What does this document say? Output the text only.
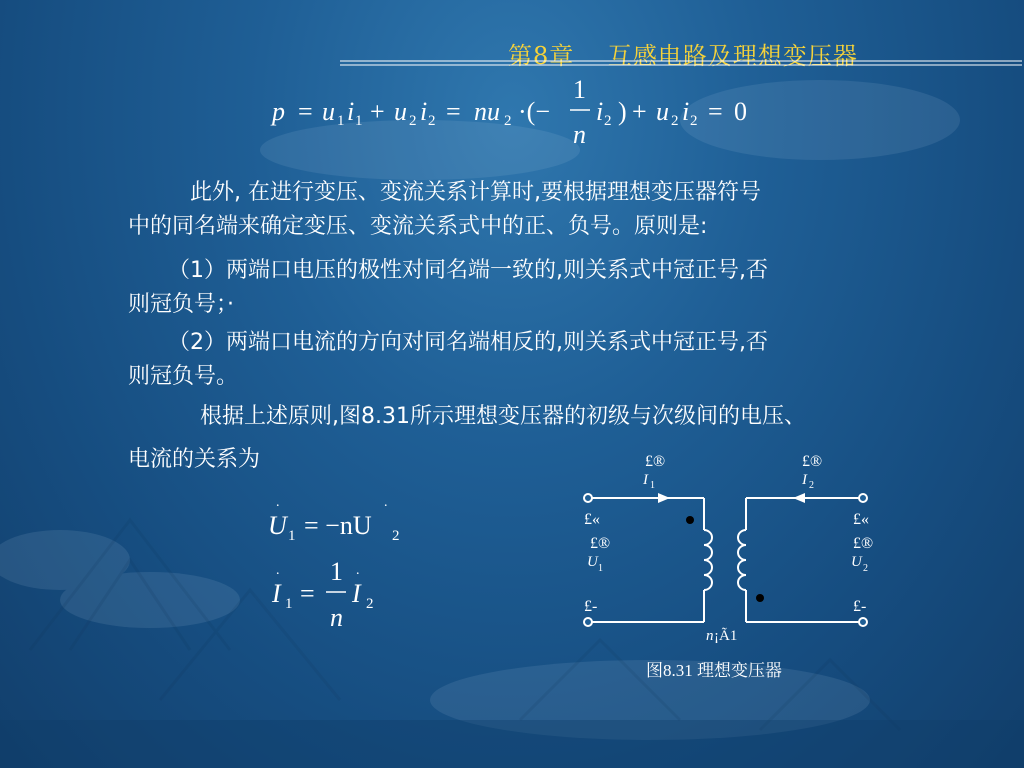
第8章　 互感电路及理想变压器
p = u 1 i 1 + u 2 i 2 = nu 2 ·(−
1
n
i 2 ) + u 2 i 2 = 0
此外, 在进行变压、变流关系计算时,要根据理想变压器符号
中的同名端来确定变压、变流关系式中的正、负号。原则是:
（1）两端口电压的极性对同名端一致的,则关系式中冠正号,否
则冠负号；·
（2）两端口电流的方向对同名端相反的,则关系式中冠正号,否
则冠负号。
根据上述原则,图8.31所示理想变压器的初级与次级间的电压、
电流的关系为
.
U 1 = −nU
.
2
.
I 1 =
1
n
.
I 2
£®
I 1
£®
I 2
£«	£«
£®
U 1
£®
U 2
£-	£-
n ¡Ã1
图8.31 理想变压器
